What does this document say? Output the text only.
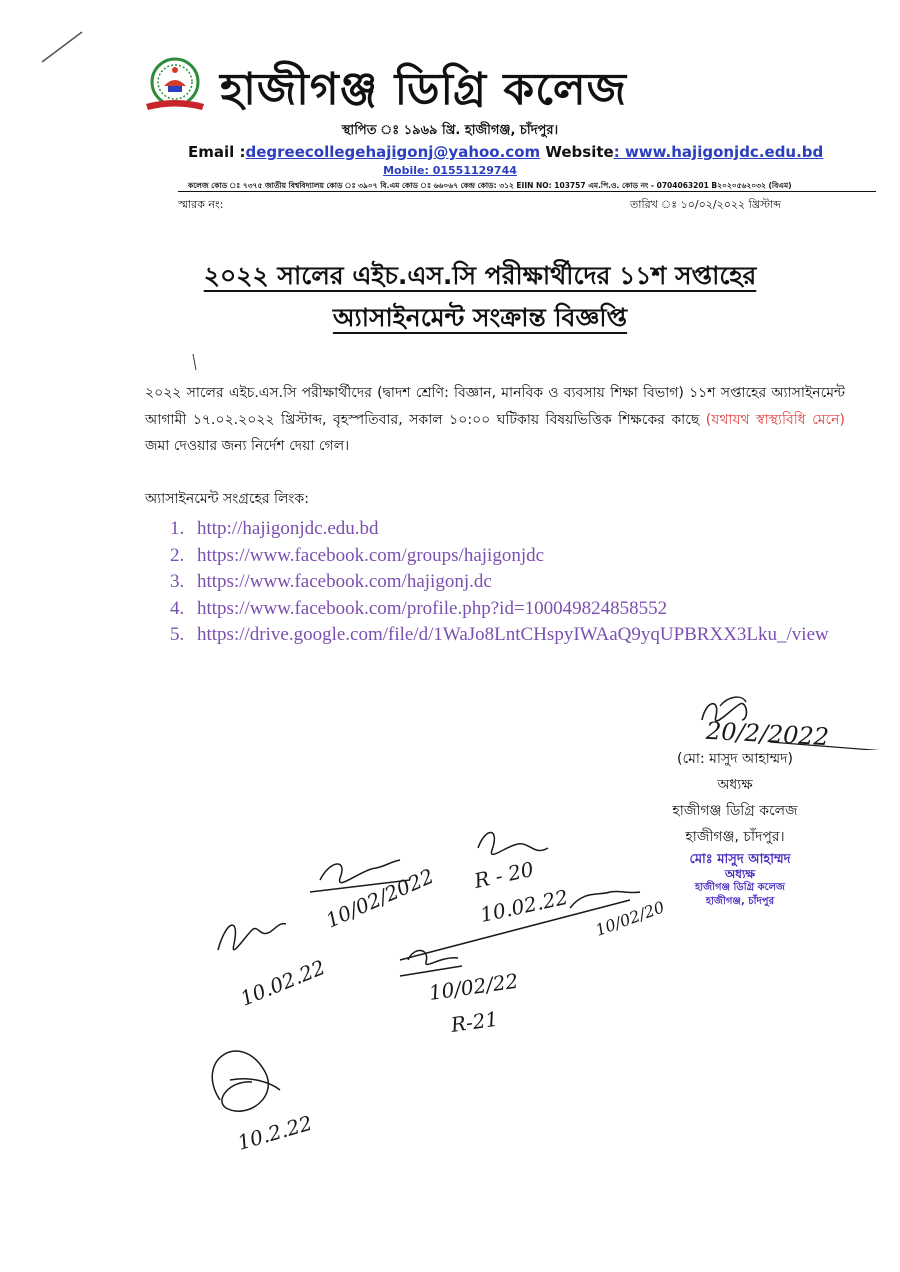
হাজীগঞ্জ ডিগ্রি কলেজ
স্থাপিত ঃ ১৯৬৯ খ্রি. হাজীগঞ্জ, চাঁদপুর।
Email :degreecollegehajigonj@yahoo.com Website: www.hajigonjdc.edu.bd
Mobile: 01551129744
কলেজ কোড ঃ ৭৩৭৫ জাতীয় বিশ্ববিদ্যালয় কোড ঃ ৩৯০৭ বি.এম কোড ঃ ৬৬০৬৭ কেন্দ্র কোড: ৩১২ EIIN NO: 103757 এম.পি.ও. কোড নং - 0704063201 B২০২০৫৬২০৩২ (বিএম)
স্মারক নং:	তারিখ ঃ ১০/০২/২০২২ খ্রিস্টাব্দ
২০২২ সালের এইচ.এস.সি পরীক্ষার্থীদের ১১শ সপ্তাহের
অ্যাসাইনমেন্ট সংক্রান্ত বিজ্ঞপ্তি
২০২২ সালের এইচ.এস.সি পরীক্ষার্থীদের (দ্বাদশ শ্রেণি: বিজ্ঞান, মানবিক ও ব্যবসায় শিক্ষা বিভাগ) ১১শ সপ্তাহের অ্যাসাইনমেন্ট আগামী ১৭.০২.২০২২ খ্রিস্টাব্দ, বৃহস্পতিবার, সকাল ১০:০০ ঘটিকায় বিষয়ভিত্তিক শিক্ষকের কাছে (যথাযথ স্বাস্থ্যবিধি মেনে) জমা দেওয়ার জন্য নির্দেশ দেয়া গেল।
অ্যাসাইনমেন্ট সংগ্রহের লিংক:
1. http://hajigonjdc.edu.bd
2. https://www.facebook.com/groups/hajigonjdc
3. https://www.facebook.com/hajigonj.dc
4. https://www.facebook.com/profile.php?id=100049824858552
5. https://drive.google.com/file/d/1WaJo8LntCHspyIWAaQ9yqUPBRXX3Lku_/view
20/2/2022
(মো: মাসুদ আহাম্মদ)
অধ্যক্ষ
হাজীগঞ্জ ডিগ্রি কলেজ
হাজীগঞ্জ, চাঁদপুর।
মোঃ মাসুদ আহাম্মদ
অধ্যক্ষ
হাজীগঞ্জ ডিগ্রি কলেজ
হাজীগঞ্জ, চাঁদপুর
10.02.22
10/02/2022 R - 20
10.02.22 10/02/20
10/02/22
R-21
10.2.22
